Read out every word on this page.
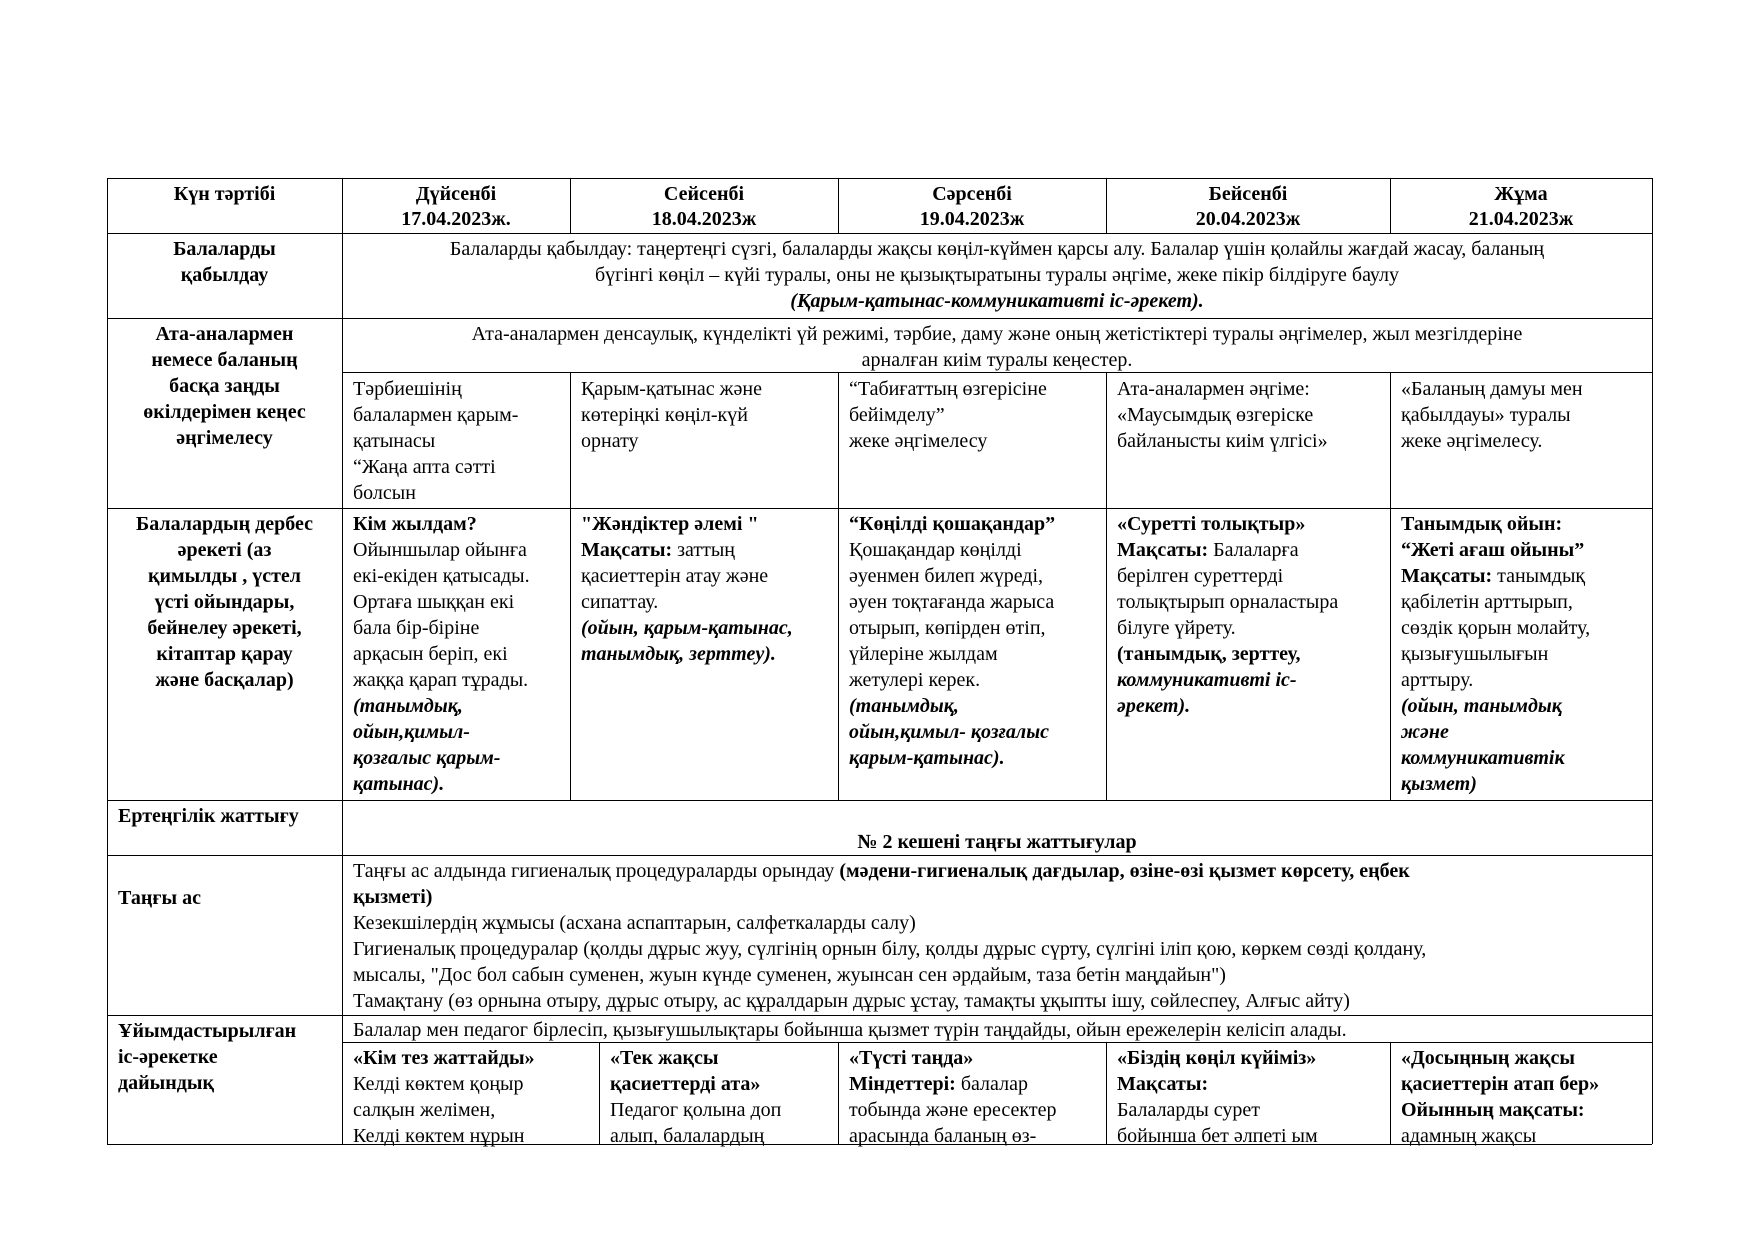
Күн тәртібі	Дүйсенбі
17.04.2023ж.
Сейсенбі
18.04.2023ж
Сәрсенбі
19.04.2023ж
Бейсенбі
20.04.2023ж
Жұма
21.04.2023ж
Балаларды
қабылдау
Балаларды қабылдау: таңертеңгі сүзгі, балаларды жақсы көңіл-күймен қарсы алу. Балалар үшін қолайлы жағдай жасау, баланың
бүгінгі көңіл – күйі туралы, оны не қызықтыратыны туралы әңгіме, жеке пікір білдіруге баулу
(Қарым-қатынас-коммуникативті іс-әрекет).
Ата-аналармен
немесе баланың
басқа заңды
өкілдерімен кеңес
әңгімелесу
Ата-аналармен денсаулық, күнделікті үй режимі, тәрбие, даму және оның жетістіктері туралы әңгімелер, жыл мезгілдеріне
арналған киім туралы кеңестер.
Тәрбиешінің
балалармен қарым-
қатынасы
“Жаңа апта сәтті
болсын
Қарым-қатынас және
көтеріңкі көңіл-күй
орнату
“Табиғаттың өзгерісіне
бейімделу”
жеке әңгімелесу
Ата-аналармен әңгіме:
«Маусымдық өзгеріске
байланысты киім үлгісі»
«Баланың дамуы мен
қабылдауы» туралы
жеке әңгімелесу.
Балалардың дербес
әрекеті (аз
қимылды , үстел
үсті ойындары,
бейнелеу әрекеті,
кітаптар қарау
және басқалар)
Кім жылдам?
Ойыншылар ойынға
екі-екіден қатысады.
Ортаға шыққан екі
бала бір-біріне
арқасын беріп, екі
жаққа қарап тұрады.
(танымдық,
ойын,қимыл-
қозғалыс қарым-
қатынас).
"Жәндіктер әлемі "
Мақсаты: заттың
қасиеттерін атау және
сипаттау.
(ойын, қарым-қатынас,
танымдық, зерттеу).
“Көңілді қошақандар”
Қошақандар көңілді
әуенмен билеп жүреді,
әуен тоқтағанда жарыса
отырып, көпірден өтіп,
үйлеріне жылдам
жетулері керек.
(танымдық,
ойын,қимыл- қозғалыс
қарым-қатынас).
«Суретті толықтыр»
Мақсаты: Балаларға
берілген суреттерді
толықтырып орналастыра
білуге үйрету.
(танымдық, зерттеу,
коммуникативті іс-
әрекет).
Танымдық ойын:
“Жеті ағаш ойыны”
Мақсаты: танымдық
қабілетін арттырып,
сөздік қорын молайту,
қызығушылығын
арттыру.
(ойын, танымдық
және
коммуникативтік
қызмет)
Ертеңгілік жаттығу
№ 2 кешені таңғы жаттығулар
Таңғы ас
Таңғы ас алдында гигиеналық процедураларды орындау (мәдени-гигиеналық дағдылар, өзіне-өзі қызмет көрсету, еңбек
қызметі)
Кезекшілердің жұмысы (асхана аспаптарын, салфеткаларды салу)
Гигиеналық процедуралар (қолды дұрыс жуу, сүлгінің орнын білу, қолды дұрыс сүрту, сүлгіні іліп қою, көркем сөзді қолдану,
мысалы, "Дос бол сабын суменен, жуын күнде суменен, жуынсан сен әрдайым, таза бетін маңдайын")
Тамақтану (өз орнына отыру, дұрыс отыру, ас құралдарын дұрыс ұстау, тамақты ұқыпты ішу, сөйлеспеу, Алғыс айту)
Ұйымдастырылған
іс-әрекетке
дайындық
Балалар мен педагог бірлесіп, қызығушылықтары бойынша қызмет түрін таңдайды, ойын ережелерін келісіп алады.
«Кім тез жаттайды»
Келді көктем қоңыр
салқын желімен,
Келді көктем нұрын
«Тек жақсы
қасиеттерді ата»
Педагог қолына доп
алып, балалардың
«Түсті таңда»
Міндеттері: балалар
тобында және ересектер
арасында баланың өз-
«Біздің көңіл күйіміз»
Мақсаты:
Балаларды сурет
бойынша бет әлпеті ым
«Досыңның жақсы
қасиеттерін атап бер»
Ойынның мақсаты:
адамның жақсы
